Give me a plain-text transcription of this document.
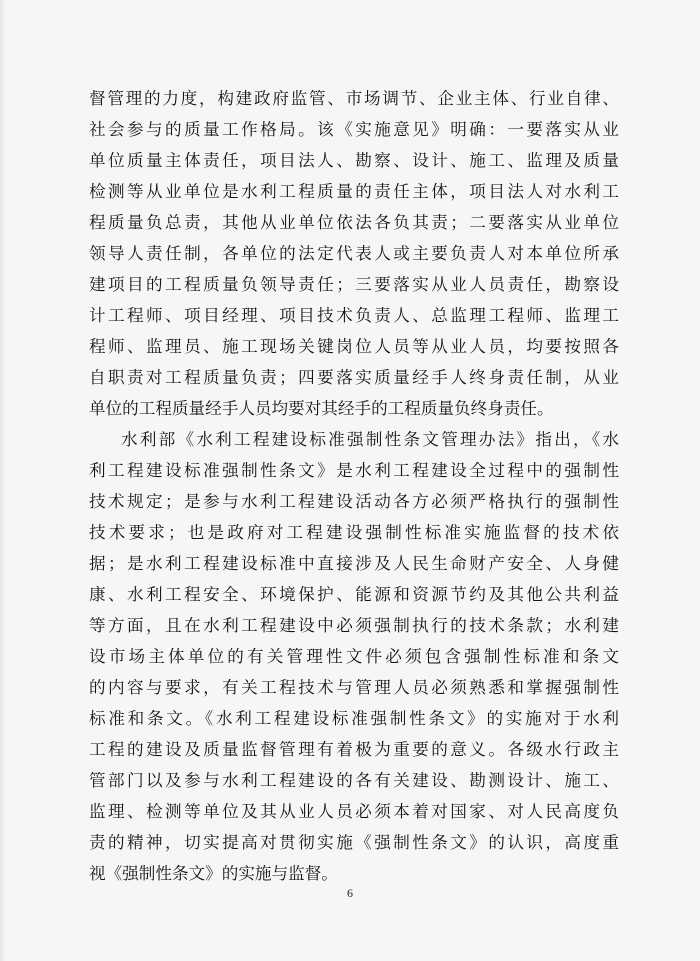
督管理的力度，构建政府监管、市场调节、企业主体、行业自律、
社会参与的质量工作格局。该《实施意见》明确：一要落实从业
单位质量主体责任，项目法人、勘察、设计、施工、监理及质量
检测等从业单位是水利工程质量的责任主体，项目法人对水利工
程质量负总责，其他从业单位依法各负其责；二要落实从业单位
领导人责任制，各单位的法定代表人或主要负责人对本单位所承
建项目的工程质量负领导责任；三要落实从业人员责任，勘察设
计工程师、项目经理、项目技术负责人、总监理工程师、监理工
程师、监理员、施工现场关键岗位人员等从业人员，均要按照各
自职责对工程质量负责；四要落实质量经手人终身责任制，从业
单位的工程质量经手人员均要对其经手的工程质量负终身责任。
水利部《水利工程建设标准强制性条文管理办法》指出，《水
利工程建设标准强制性条文》是水利工程建设全过程中的强制性
技术规定；是参与水利工程建设活动各方必须严格执行的强制性
技术要求；也是政府对工程建设强制性标准实施监督的技术依
据；是水利工程建设标准中直接涉及人民生命财产安全、人身健
康、水利工程安全、环境保护、能源和资源节约及其他公共利益
等方面，且在水利工程建设中必须强制执行的技术条款；水利建
设市场主体单位的有关管理性文件必须包含强制性标准和条文
的内容与要求，有关工程技术与管理人员必须熟悉和掌握强制性
标准和条文。《水利工程建设标准强制性条文》的实施对于水利
工程的建设及质量监督管理有着极为重要的意义。各级水行政主
管部门以及参与水利工程建设的各有关建设、勘测设计、施工、
监理、检测等单位及其从业人员必须本着对国家、对人民高度负
责的精神，切实提高对贯彻实施《强制性条文》的认识，高度重
视《强制性条文》的实施与监督。
6
